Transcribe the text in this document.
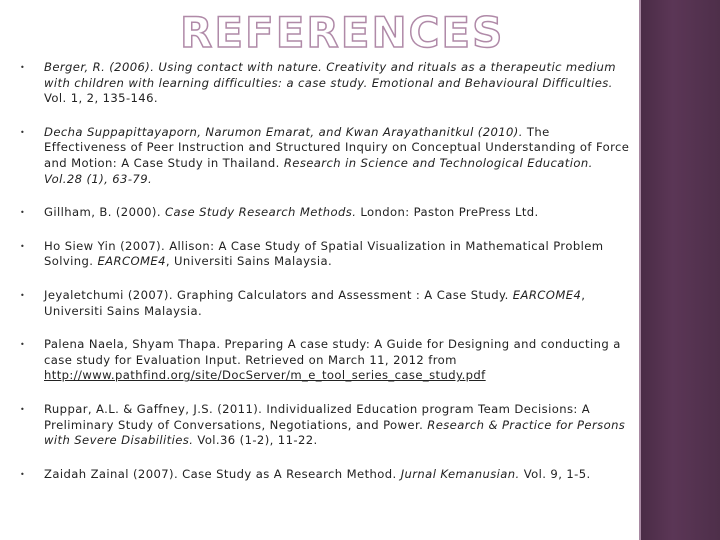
REFERENCES
• Berger, R. (2006). Using contact with nature. Creativity and rituals as a therapeutic medium with children with learning difficulties: a case study. Emotional and Behavioural Difficulties. Vol. 1, 2, 135-146.
• Decha Suppapittayaporn, Narumon Emarat, and Kwan Arayathanitkul (2010). The Effectiveness of Peer Instruction and Structured Inquiry on Conceptual Understanding of Force and Motion: A Case Study in Thailand. Research in Science and Technological Education. Vol.28 (1), 63-79.
• Gillham, B. (2000). Case Study Research Methods. London: Paston PrePress Ltd.
• Ho Siew Yin (2007). Allison: A Case Study of Spatial Visualization in Mathematical Problem Solving. EARCOME4, Universiti Sains Malaysia.
• Jeyaletchumi (2007). Graphing Calculators and Assessment : A Case Study. EARCOME4, Universiti Sains Malaysia.
• Palena Naela, Shyam Thapa. Preparing A case study: A Guide for Designing and conducting a case study for Evaluation Input. Retrieved on March 11, 2012 from http://www.pathfind.org/site/DocServer/m_e_tool_series_case_study.pdf
• Ruppar, A.L. & Gaffney, J.S. (2011). Individualized Education program Team Decisions: A Preliminary Study of Conversations, Negotiations, and Power. Research & Practice for Persons with Severe Disabilities. Vol.36 (1-2), 11-22.
• Zaidah Zainal (2007). Case Study as A Research Method. Jurnal Kemanusian. Vol. 9, 1-5.
